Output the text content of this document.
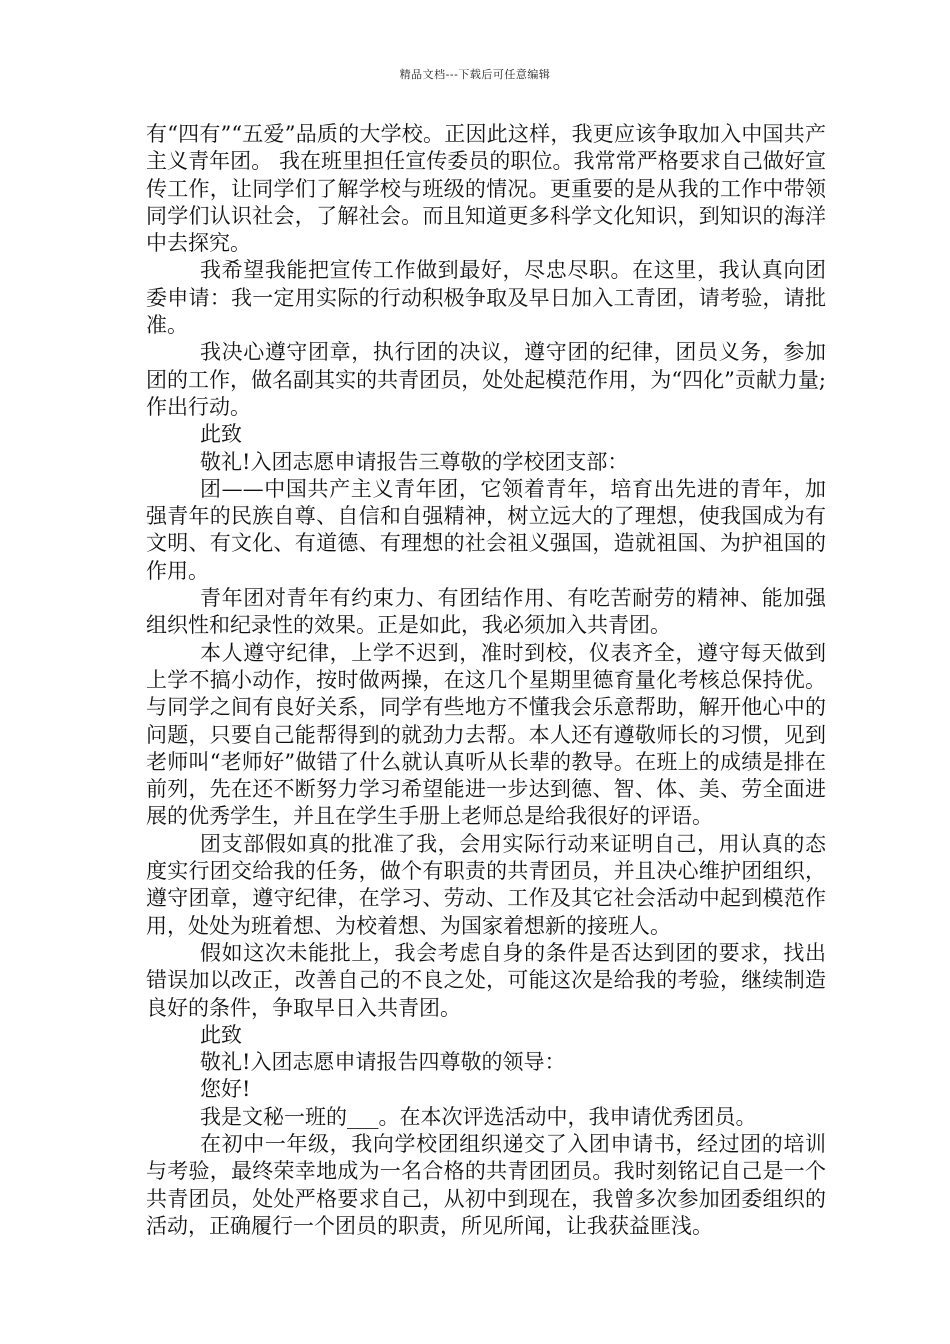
精品文档---下载后可任意编辑

有“四有”“五爱”品质的大学校。正因此这样，我更应该争取加入中国共产主义青年团。 我在班里担任宣传委员的职位。我常常严格要求自己做好宣传工作，让同学们了解学校与班级的情况。更重要的是从我的工作中带领同学们认识社会，了解社会。而且知道更多科学文化知识，到知识的海洋中去探究。

我希望我能把宣传工作做到最好，尽忠尽职。在这里，我认真向团委申请：我一定用实际的行动积极争取及早日加入工青团，请考验，请批准。

我决心遵守团章，执行团的决议，遵守团的纪律，团员义务，参加团的工作，做名副其实的共青团员，处处起模范作用，为“四化”贡献力量;作出行动。

此致

敬礼!入团志愿申请报告三尊敬的学校团支部：

团——中国共产主义青年团，它领着青年，培育出先进的青年，加强青年的民族自尊、自信和自强精神，树立远大的了理想，使我国成为有文明、有文化、有道德、有理想的社会祖义强国，造就祖国、为护祖国的作用。

青年团对青年有约束力、有团结作用、有吃苦耐劳的精神、能加强组织性和纪录性的效果。正是如此，我必须加入共青团。

本人遵守纪律，上学不迟到，准时到校，仪表齐全，遵守每天做到上学不搞小动作，按时做两操，在这几个星期里德育量化考核总保持优。与同学之间有良好关系，同学有些地方不懂我会乐意帮助，解开他心中的问题，只要自己能帮得到的就劲力去帮。本人还有遵敬师长的习惯，见到老师叫“老师好”做错了什么就认真听从长辈的教导。在班上的成绩是排在前列，先在还不断努力学习希望能进一步达到德、智、体、美、劳全面进展的优秀学生，并且在学生手册上老师总是给我很好的评语。

团支部假如真的批准了我，会用实际行动来证明自己，用认真的态度实行团交给我的任务，做个有职责的共青团员，并且决心维护团组织，遵守团章，遵守纪律，在学习、劳动、工作及其它社会活动中起到模范作用，处处为班着想、为校着想、为国家着想新的接班人。

假如这次未能批上，我会考虑自身的条件是否达到团的要求，找出错误加以改正，改善自己的不良之处，可能这次是给我的考验，继续制造良好的条件，争取早日入共青团。

此致

敬礼!入团志愿申请报告四尊敬的领导：

您好!

我是文秘一班的___。在本次评选活动中，我申请优秀团员。

在初中一年级，我向学校团组织递交了入团申请书，经过团的培训与考验，最终荣幸地成为一名合格的共青团团员。我时刻铭记自己是一个共青团员，处处严格要求自己，从初中到现在，我曾多次参加团委组织的活动，正确履行一个团员的职责，所见所闻，让我获益匪浅。
